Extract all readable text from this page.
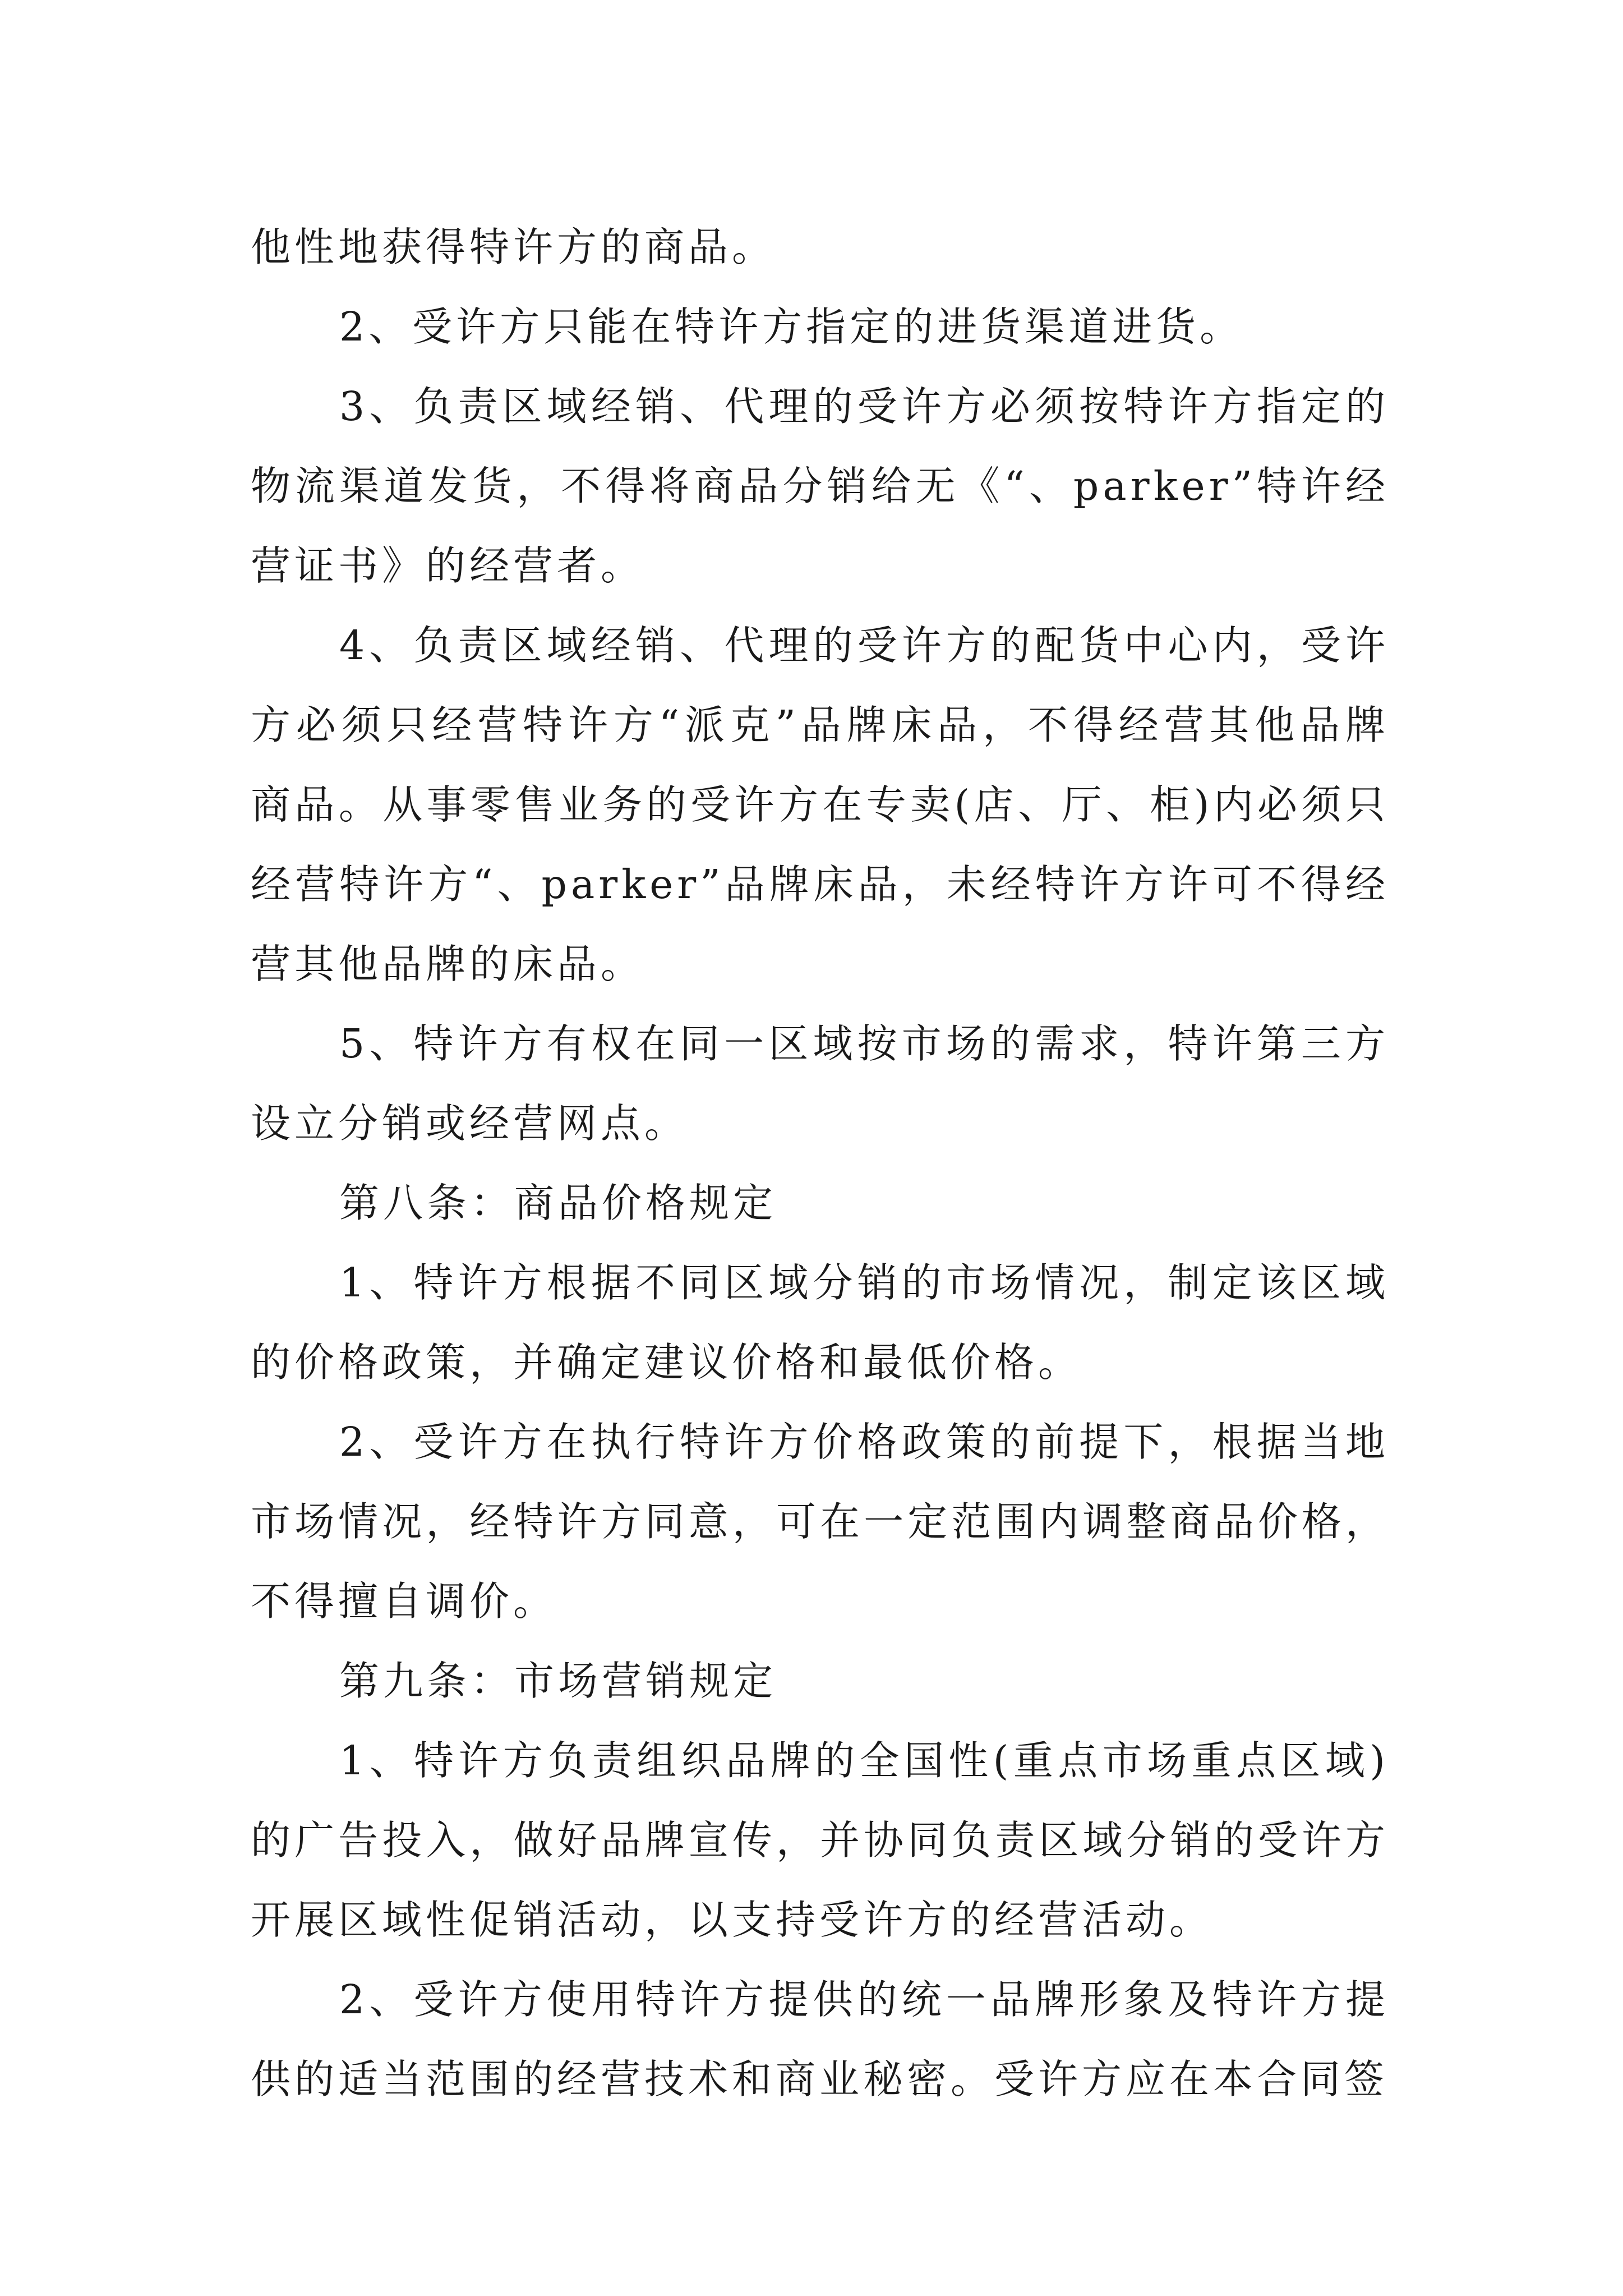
他性地获得特许方的商品。

2、受许方只能在特许方指定的进货渠道进货。

3、负责区域经销、代理的受许方必须按特许方指定的物流渠道发货，不得将商品分销给无《“、parker”特许经营证书》的经营者。

4、负责区域经销、代理的受许方的配货中心内，受许方必须只经营特许方“派克”品牌床品，不得经营其他品牌商品。从事零售业务的受许方在专卖(店、厅、柜)内必须只经营特许方“、parker”品牌床品，未经特许方许可不得经营其他品牌的床品。

5、特许方有权在同一区域按市场的需求，特许第三方设立分销或经营网点。

第八条：商品价格规定

1、特许方根据不同区域分销的市场情况，制定该区域的价格政策，并确定建议价格和最低价格。

2、受许方在执行特许方价格政策的前提下，根据当地市场情况，经特许方同意，可在一定范围内调整商品价格，不得擅自调价。

第九条：市场营销规定

1、特许方负责组织品牌的全国性(重点市场重点区域)的广告投入，做好品牌宣传，并协同负责区域分销的受许方开展区域性促销活动，以支持受许方的经营活动。

2、受许方使用特许方提供的统一品牌形象及特许方提供的适当范围的经营技术和商业秘密。受许方应在本合同签
